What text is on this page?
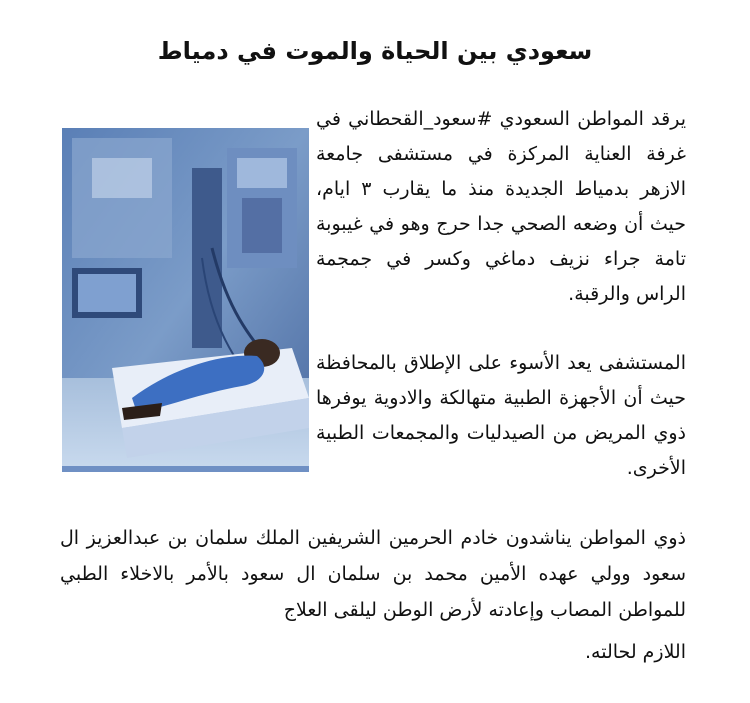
سعودي بين الحياة والموت في دمياط

يرقد المواطن السعودي #سعود_القحطاني في غرفة العناية المركزة في مستشفى جامعة الازهر بدمياط الجديدة منذ ما يقارب ٣ ايام، حيث أن وضعه الصحي جدا حرج وهو في غيبوبة تامة جراء نزيف دماغي وكسر في جمجمة الراس والرقبة.

المستشفى يعد الأسوء على الإطلاق بالمحافظة حيث أن الأجهزة الطبية متهالكة والادوية يوفرها ذوي المريض من الصيدليات والمجمعات الطبية الأخرى.

ذوي المواطن يناشدون خادم الحرمين الشريفين الملك سلمان بن عبدالعزيز ال سعود وولي عهده الأمين محمد بن سلمان ال سعود بالأمر بالاخلاء الطبي للمواطن المصاب وإعادته لأرض الوطن ليلقى العلاج
اللازم لحالته.
